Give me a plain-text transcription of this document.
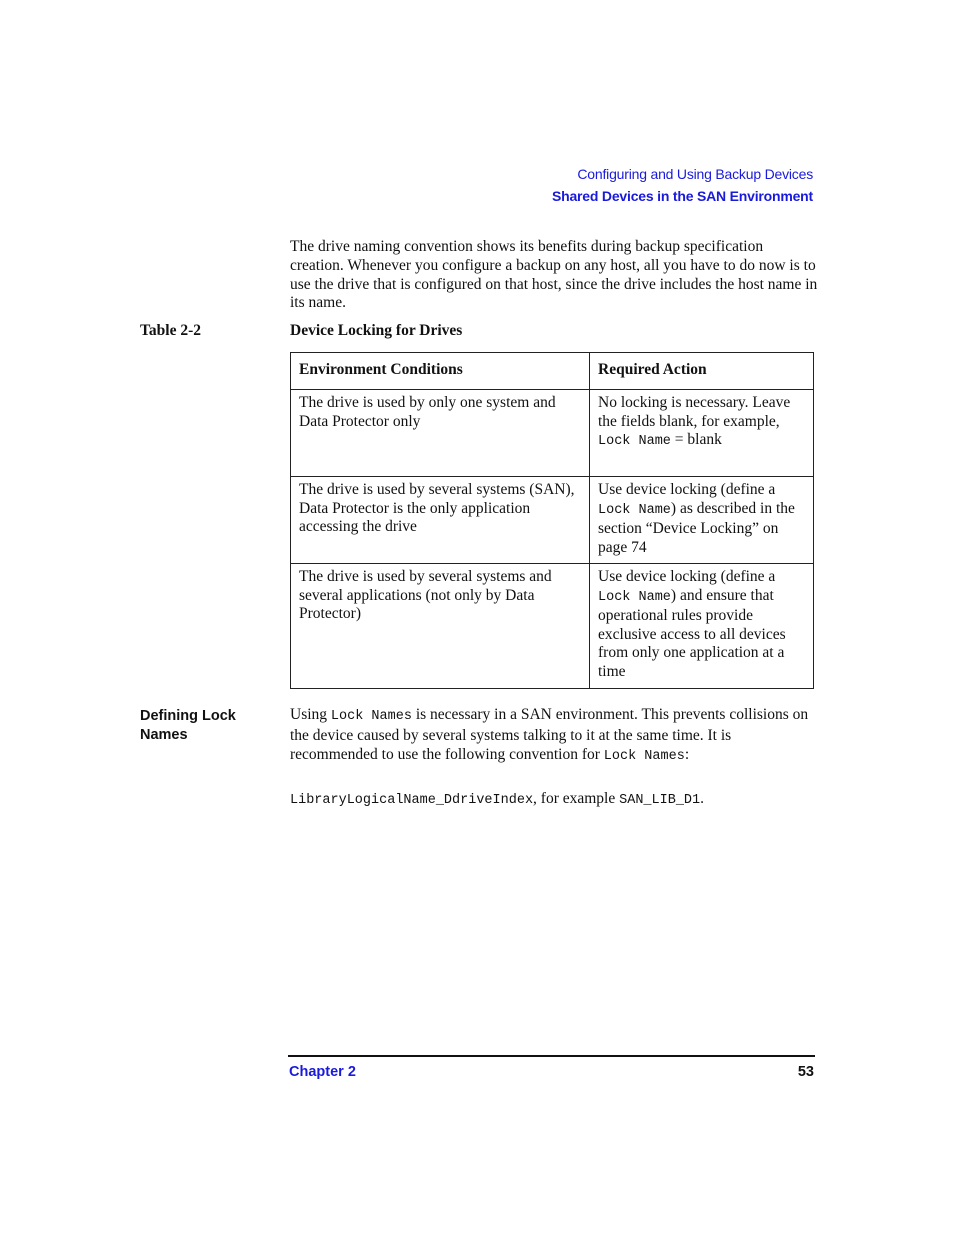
Configuring and Using Backup Devices
Shared Devices in the SAN Environment

The drive naming convention shows its benefits during backup specification creation. Whenever you configure a backup on any host, all you have to do now is to use the drive that is configured on that host, since the drive includes the host name in its name.

Table 2-2	Device Locking for Drives
Environment Conditions	Required Action
The drive is used by only one system and Data Protector only	No locking is necessary. Leave the fields blank, for example, Lock Name = blank
The drive is used by several systems (SAN), Data Protector is the only application accessing the drive	Use device locking (define a Lock Name) as described in the section “Device Locking” on page 74
The drive is used by several systems and several applications (not only by Data Protector)	Use device locking (define a Lock Name) and ensure that operational rules provide exclusive access to all devices from only one application at a time
Defining Lock
Names

Using Lock Names is necessary in a SAN environment. This prevents collisions on the device caused by several systems talking to it at the same time. It is recommended to use the following convention for Lock Names:

LibraryLogicalName_DdriveIndex, for example SAN_LIB_D1.

Chapter 2	53
